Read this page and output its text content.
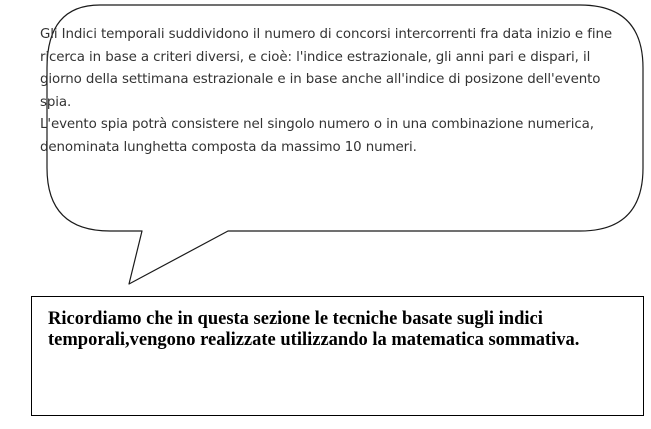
Gli Indici temporali suddividono il numero di concorsi intercorrenti fra data inizio e fine ricerca in base a criteri diversi, e cioè: l'indice estrazionale, gli anni pari e dispari, il giorno della settimana estrazionale e in base anche all'indice di posizone dell'evento spia.

L'evento spia potrà consistere nel singolo numero o in una combinazione numerica, denominata lunghetta composta da massimo 10 numeri.

Ricordiamo che in questa sezione le tecniche basate sugli indici temporali,vengono realizzate utilizzando la matematica sommativa.
